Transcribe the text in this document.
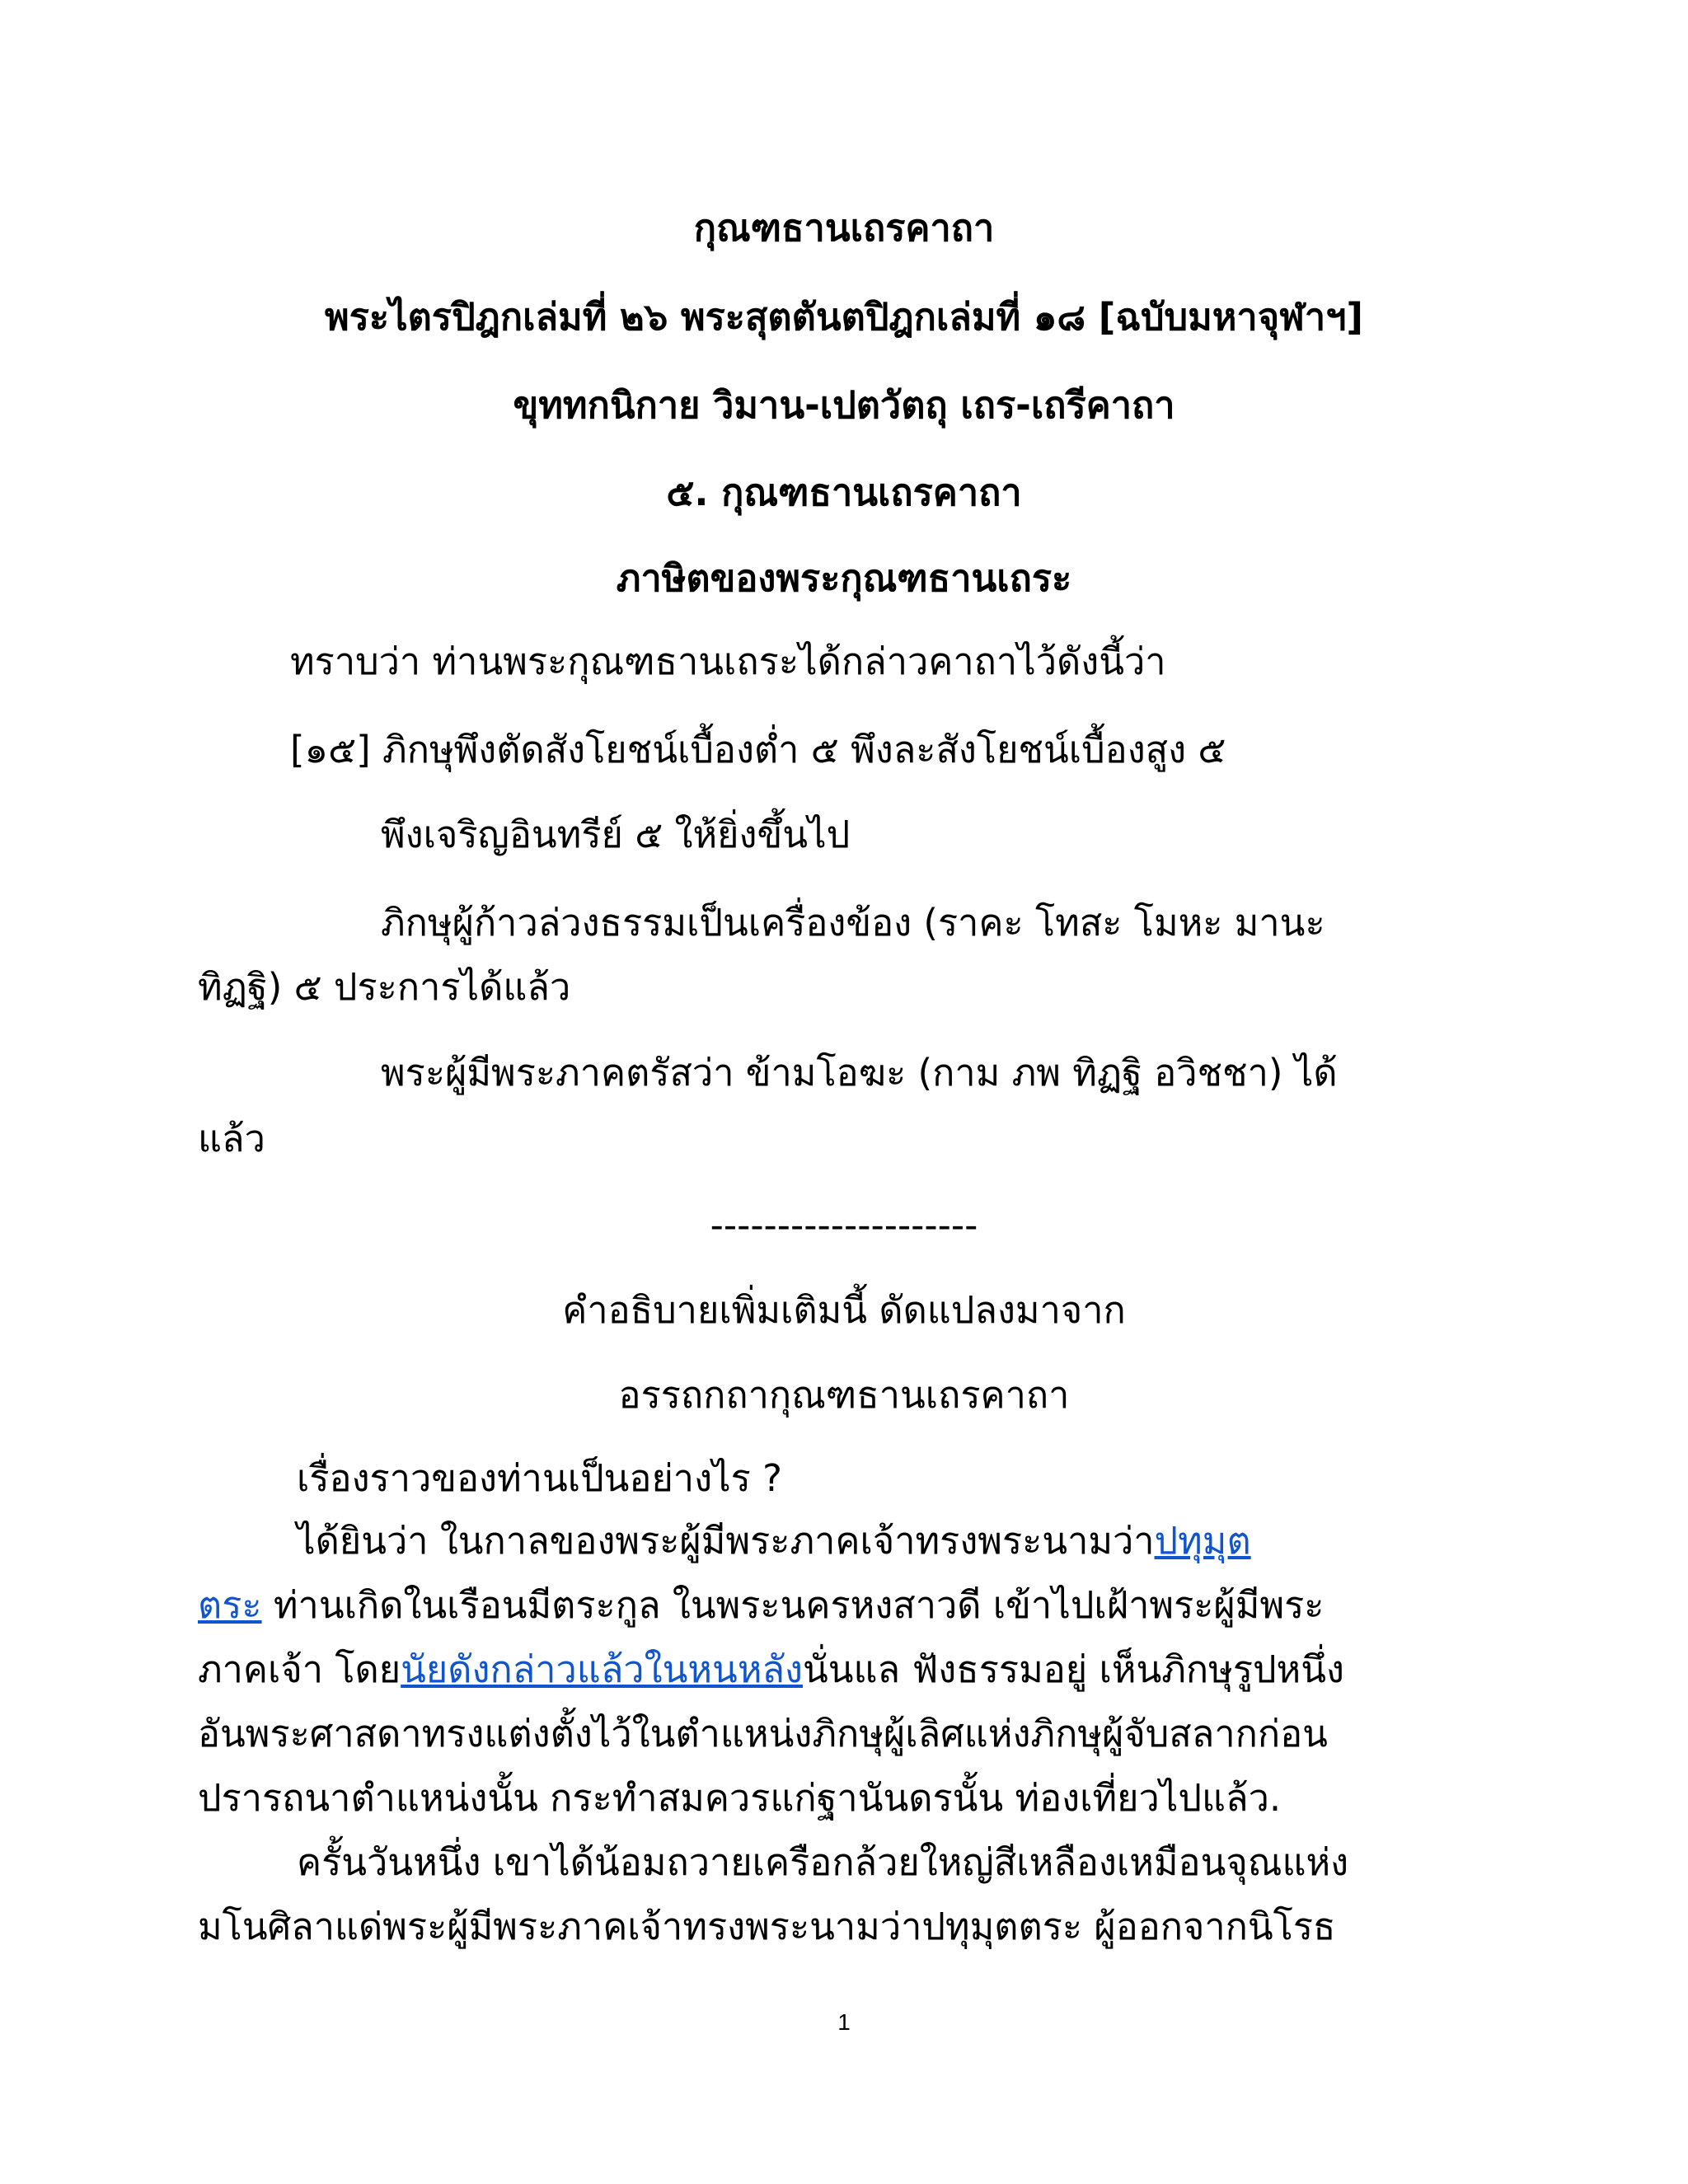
กุณฑธานเถรคาถา
พระไตรปิฎกเล่มที่ ๒๖ พระสุตตันตปิฎกเล่มที่ ๑๘ [ฉบับมหาจุฬาฯ]
ขุททกนิกาย วิมาน-เปตวัตถุ เถร-เถรีคาถา
๕. กุณฑธานเถรคาถา
ภาษิตของพระกุณฑธานเถระ
ทราบว่า ท่านพระกุณฑธานเถระได้กล่าวคาถาไว้ดังนี้ว่า
[๑๕] ภิกษุพึงตัดสังโยชน์เบื้องต่ำ ๕ พึงละสังโยชน์เบื้องสูง ๕
พึงเจริญอินทรีย์ ๕ ให้ยิ่งขึ้นไป
ภิกษุผู้ก้าวล่วงธรรมเป็นเครื่องข้อง (ราคะ โทสะ โมหะ มานะ
ทิฏฐิ) ๕ ประการได้แล้ว
พระผู้มีพระภาคตรัสว่า ข้ามโอฆะ (กาม ภพ ทิฏฐิ อวิชชา) ได้
แล้ว
--------------------
คำอธิบายเพิ่มเติมนี้ ดัดแปลงมาจาก
อรรถกถากุณฑธานเถรคาถา
เรื่องราวของท่านเป็นอย่างไร ?
ได้ยินว่า ในกาลของพระผู้มีพระภาคเจ้าทรงพระนามว่าปทุมุต
ตระ ท่านเกิดในเรือนมีตระกูล ในพระนครหงสาวดี เข้าไปเฝ้าพระผู้มีพระ
ภาคเจ้า โดยนัยดังกล่าวแล้วในหนหลังนั่นแล ฟังธรรมอยู่ เห็นภิกษุรูปหนึ่ง
อันพระศาสดาทรงแต่งตั้งไว้ในตำแหน่งภิกษุผู้เลิศแห่งภิกษุผู้จับสลากก่อน
ปรารถนาตำแหน่งนั้น กระทำสมควรแก่ฐานันดรนั้น ท่องเที่ยวไปแล้ว.
ครั้นวันหนึ่ง เขาได้น้อมถวายเครือกล้วยใหญ่สีเหลืองเหมือนจุณแห่ง
มโนศิลาแด่พระผู้มีพระภาคเจ้าทรงพระนามว่าปทุมุตตระ ผู้ออกจากนิโรธ
1
